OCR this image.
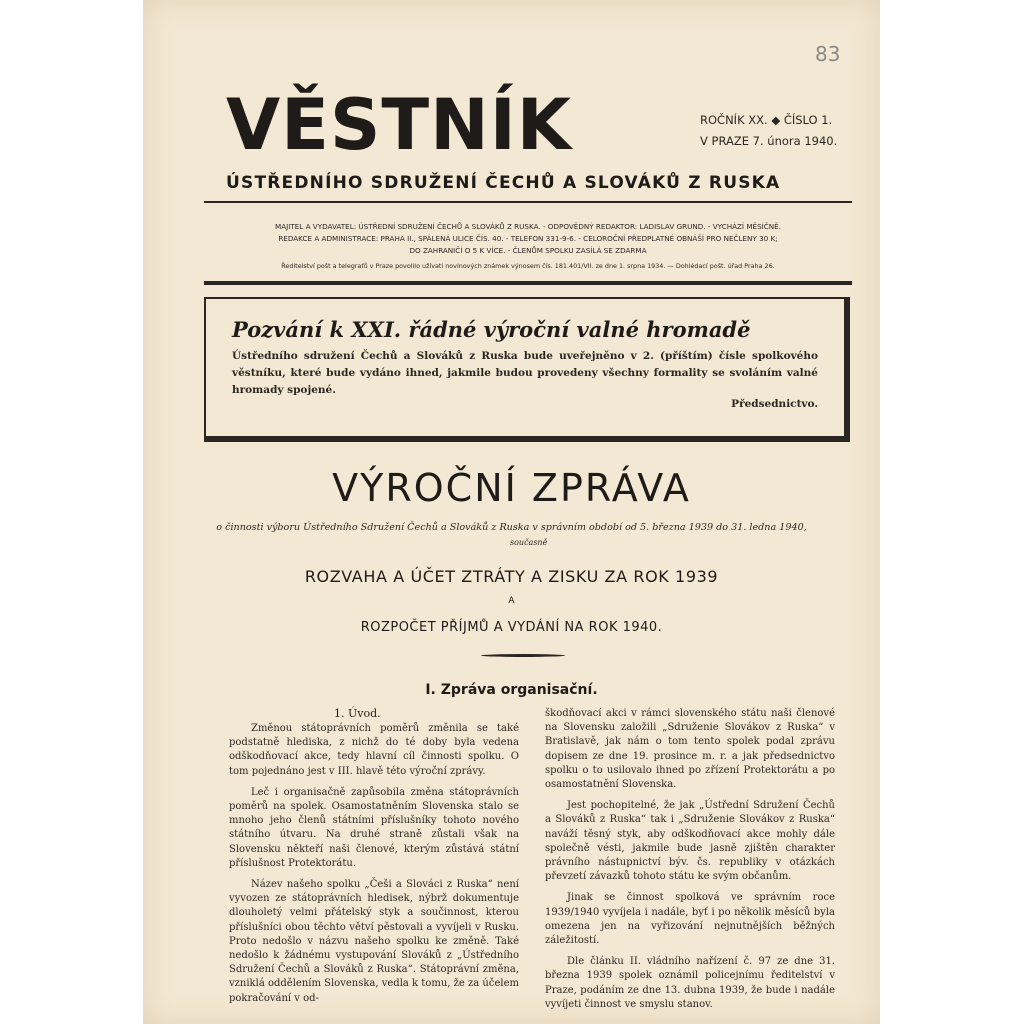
83
VĚSTNÍK	ROČNÍK XX. ◆ ČÍSLO 1.
V PRAZE 7. února 1940.
ÚSTŘEDNÍHO SDRUŽENÍ ČECHŮ A SLOVÁKŮ Z RUSKA
MAJITEL A VYDAVATEL: ÚSTŘEDNÍ SDRUŽENÍ ČECHŮ A SLOVÁKŮ Z RUSKA. - ODPOVĚDNÝ REDAKTOR: LADISLAV GRUND. - VYCHÁZÍ MĚSÍČNĚ.
REDAKCE A ADMINISTRACE: PRAHA II., SPÁLENÁ ULICE ČÍS. 40. - TELEFON 331-9-6. - CELOROČNÍ PŘEDPLATNÉ OBNÁŠÍ PRO NEČLENY 30 K;
DO ZAHRANIČÍ O 5 K VÍCE. - ČLENŮM SPOLKU ZASÍLÁ SE ZDARMA
Ředitelství pošt a telegrafů v Praze povolilo užívati novinových známek výnosem čís. 181.401/VII. ze dne 1. srpna 1934. — Dohlédací pošt. úřad Praha 26.
Pozvání k XXI. řádné výroční valné hromadě
Ústředního sdružení Čechů a Slováků z Ruska bude uveřejněno v 2. (příštím) čísle spolkového věstníku, které bude vydáno ihned, jakmile budou provedeny všechny formality se svoláním valné hromady spojené.
Předsednictvo.
VÝROČNÍ ZPRÁVA
o činnosti výboru Ústředního Sdružení Čechů a Slováků z Ruska v správním období od 5. března 1939 do 31. ledna 1940,
současně
ROZVAHA A ÚČET ZTRÁTY A ZISKU ZA ROK 1939
A
ROZPOČET PŘÍJMŮ A VYDÁNÍ NA ROK 1940.
I. Zpráva organisační.
1. Úvod.

Změnou státoprávních poměrů změnila se také podstatně hlediska, z nichž do té doby byla vedena odškodňovací akce, tedy hlavní cíl činnosti spolku. O tom pojednáno jest v III. hlavě této výroční zprávy.

Leč i organisačně zapůsobila změna státoprávních poměrů na spolek. Osamostatněním Slovenska stalo se mnoho jeho členů státními příslušníky tohoto nového státního útvaru. Na druhé straně zůstali však na Slovensku někteří naši členové, kterým zůstává státní příslušnost Protektorátu.

Název našeho spolku „Češi a Slováci z Ruska“ není vyvozen ze státoprávních hledisek, nýbrž dokumentuje dlouholetý velmi přátelský styk a součinnost, kterou příslušníci obou těchto větví pěstovali a vyvíjeli v Rusku. Proto nedošlo v názvu našeho spolku ke změně. Také nedošlo k žádnému vystupování Slováků z „Ústředního Sdružení Čechů a Slováků z Ruska“. Státoprávní změna, vzniklá oddělením Slovenska, vedla k tomu, že za účelem pokračování v od-

škodňovací akci v rámci slovenského státu naši členové na Slovensku založili „Sdruženie Slovákov z Ruska“ v Bratislavě, jak nám o tom tento spolek podal zprávu dopisem ze dne 19. prosince m. r. a jak předsednictvo spolku o to usilovalo ihned po zřízení Protektorátu a po osamostatnění Slovenska.

Jest pochopitelné, že jak „Ústřední Sdružení Čechů a Slováků z Ruska“ tak i „Sdruženie Slovákov z Ruska“ naváží těsný styk, aby odškodňovací akce mohly dále společně vésti, jakmile bude jasně zjištěn charakter právního nástupnictví býv. čs. republiky v otázkách převzetí závazků tohoto státu ke svým občanům.

Jinak se činnost spolková ve správním roce 1939/1940 vyvíjela i nadále, byť i po několik měsíců byla omezena jen na vyřizování nejnutnějších běžných záležitostí.

Dle článku II. vládního nařízení č. 97 ze dne 31. března 1939 spolek oznámil policejnímu ředitelství v Praze, podáním ze dne 13. dubna 1939, že bude i nadále vyvíjeti činnost ve smyslu stanov.
